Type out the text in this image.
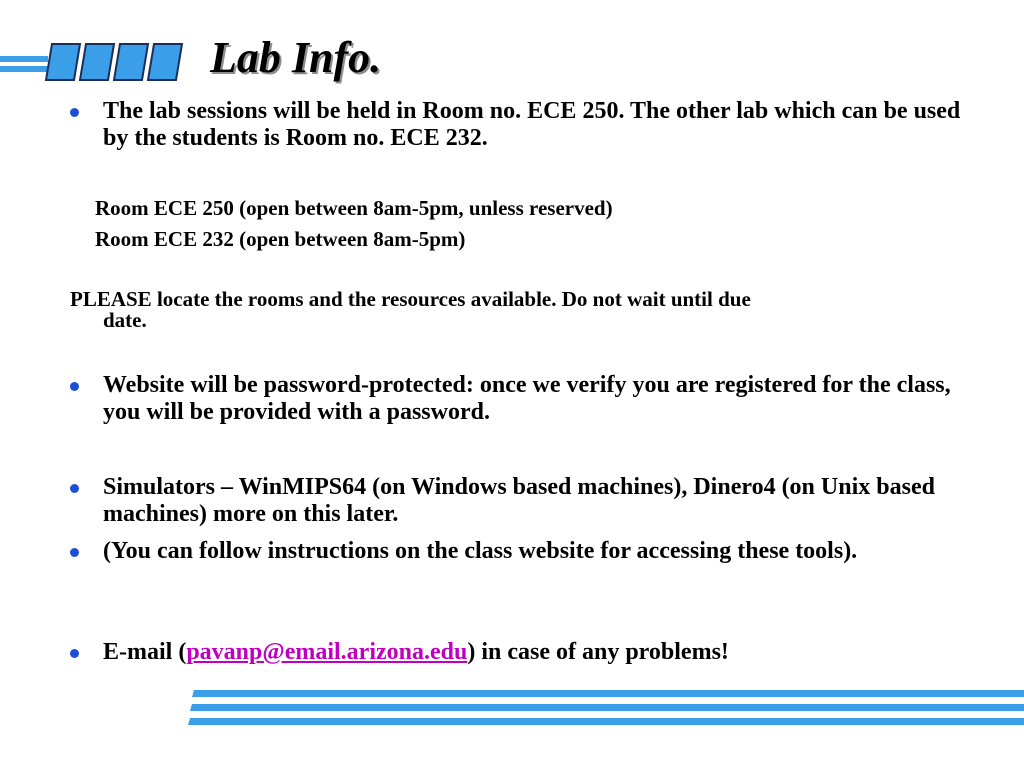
Lab Info.
The lab sessions will be held in Room no. ECE 250. The other lab which can be used by the students is Room no. ECE 232.
Room ECE 250 (open between 8am-5pm, unless reserved)
Room ECE 232 (open between 8am-5pm)
PLEASE locate the rooms and the resources available. Do not wait until due
date.
Website will be password-protected: once we verify you are registered for the class, you will be provided with a password.
Simulators – WinMIPS64 (on Windows based machines), Dinero4 (on Unix based machines) more on this later.
(You can follow instructions on the class website for accessing these tools).
E-mail (pavanp@email.arizona.edu) in case of any problems!
